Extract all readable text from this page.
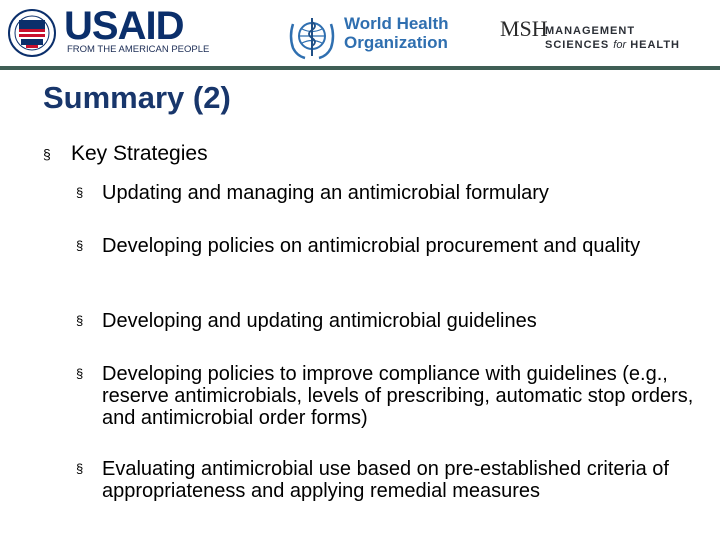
USAID
FROM THE AMERICAN PEOPLE
World Health
Organization
MSH
MANAGEMENT
SCIENCES for HEALTH
Summary (2)
§ Key Strategies
§ Updating and managing an antimicrobial formulary
§ Developing policies on antimicrobial procurement and quality
§ Developing and updating antimicrobial guidelines
§ Developing policies to improve compliance with guidelines (e.g., reserve antimicrobials, levels of prescribing, automatic stop orders, and antimicrobial order forms)
§ Evaluating antimicrobial use based on pre-established criteria of appropriateness and applying remedial measures
